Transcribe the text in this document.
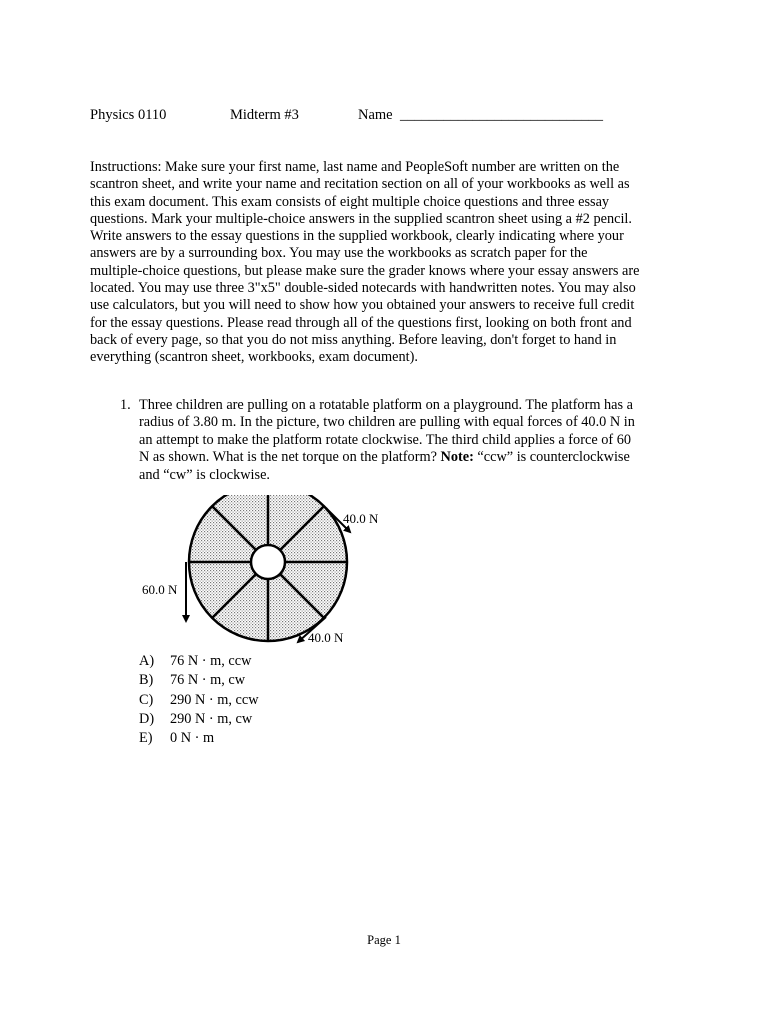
Physics 0110	Midterm #3	Name ____________________________
Instructions: Make sure your first name, last name and PeopleSoft number are written on the
scantron sheet, and write your name and recitation section on all of your workbooks as well as
this exam document. This exam consists of eight multiple choice questions and three essay
questions. Mark your multiple-choice answers in the supplied scantron sheet using a #2 pencil.
Write answers to the essay questions in the supplied workbook, clearly indicating where your
answers are by a surrounding box. You may use the workbooks as scratch paper for the
multiple-choice questions, but please make sure the grader knows where your essay answers are
located. You may use three 3"x5" double-sided notecards with handwritten notes. You may also
use calculators, but you will need to show how you obtained your answers to receive full credit
for the essay questions. Please read through all of the questions first, looking on both front and
back of every page, so that you do not miss anything. Before leaving, don't forget to hand in
everything (scantron sheet, workbooks, exam document).
1. Three children are pulling on a rotatable platform on a playground. The platform has a
radius of 3.80 m. In the picture, two children are pulling with equal forces of 40.0 N in
an attempt to make the platform rotate clockwise. The third child applies a force of 60
N as shown. What is the net torque on the platform? Note: “ccw” is counterclockwise
and “cw” is clockwise.
40.0 N
60.0 N
40.0 N
A) 76 N · m, ccw
B) 76 N · m, cw
C) 290 N · m, ccw
D) 290 N · m, cw
E) 0 N · m
Page 1
